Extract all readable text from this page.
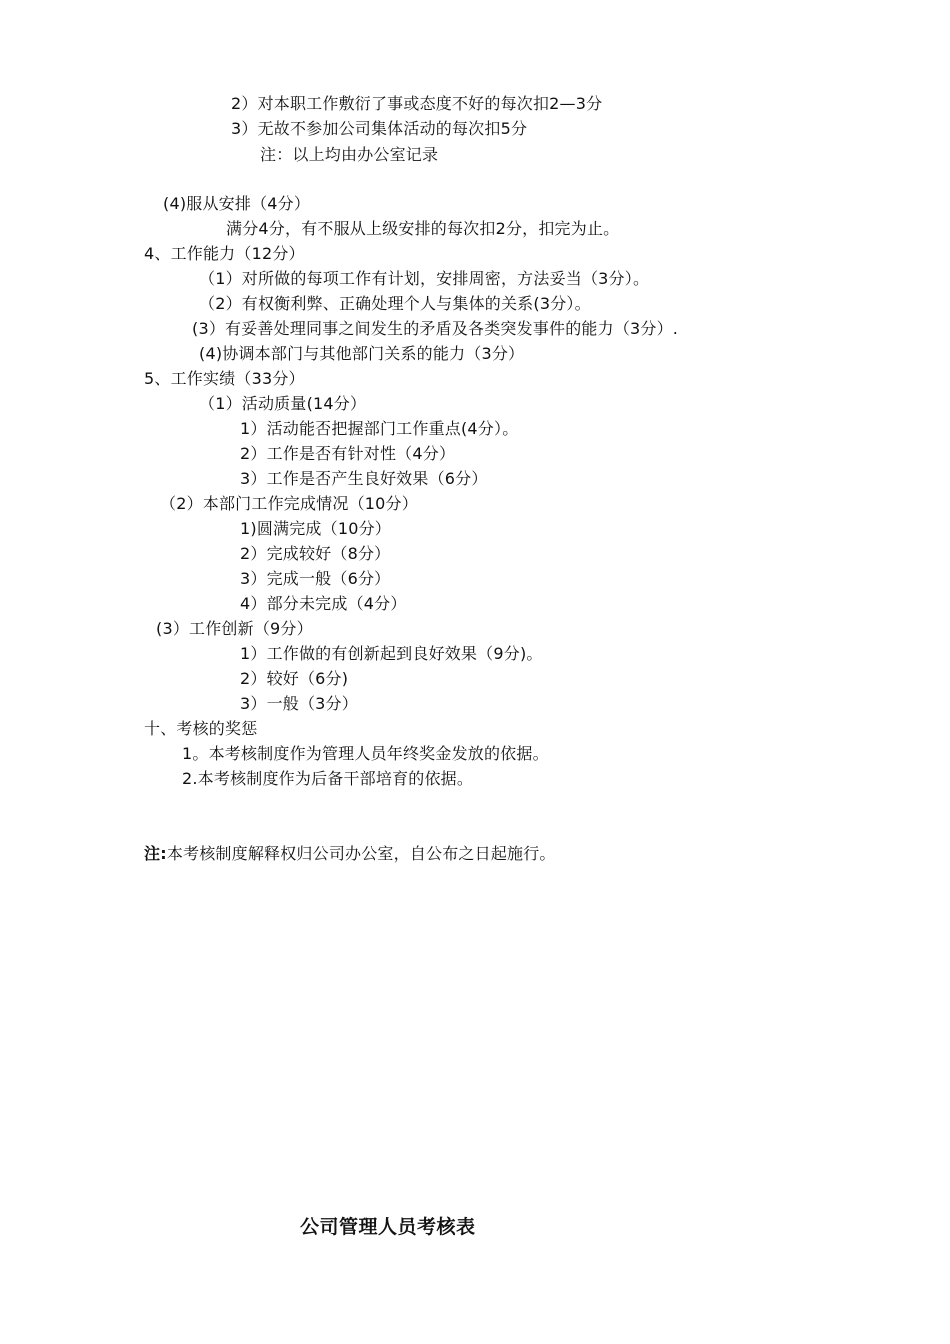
2）对本职工作敷衍了事或态度不好的每次扣2—3分
3）无故不参加公司集体活动的每次扣5分
注：以上均由办公室记录
(4)服从安排（4分）
满分4分，有不服从上级安排的每次扣2分，扣完为止。
4、工作能力（12分）
（1）对所做的每项工作有计划，安排周密，方法妥当（3分）。
（2）有权衡利弊、正确处理个人与集体的关系(3分）。
(3）有妥善处理同事之间发生的矛盾及各类突发事件的能力（3分）.
(4)协调本部门与其他部门关系的能力（3分）
5、工作实绩（33分）
（1）活动质量(14分）
1）活动能否把握部门工作重点(4分）。
2）工作是否有针对性（4分）
3）工作是否产生良好效果（6分）
（2）本部门工作完成情况（10分）
1)圆满完成（10分）
2）完成较好（8分）
3）完成一般（6分）
4）部分未完成（4分）
(3）工作创新（9分）
1）工作做的有创新起到良好效果（9分)。
2）较好（6分)
3）一般（3分）
十、考核的奖惩
1。本考核制度作为管理人员年终奖金发放的依据。
2.本考核制度作为后备干部培育的依据。
注:本考核制度解释权归公司办公室，自公布之日起施行。
公司管理人员考核表
